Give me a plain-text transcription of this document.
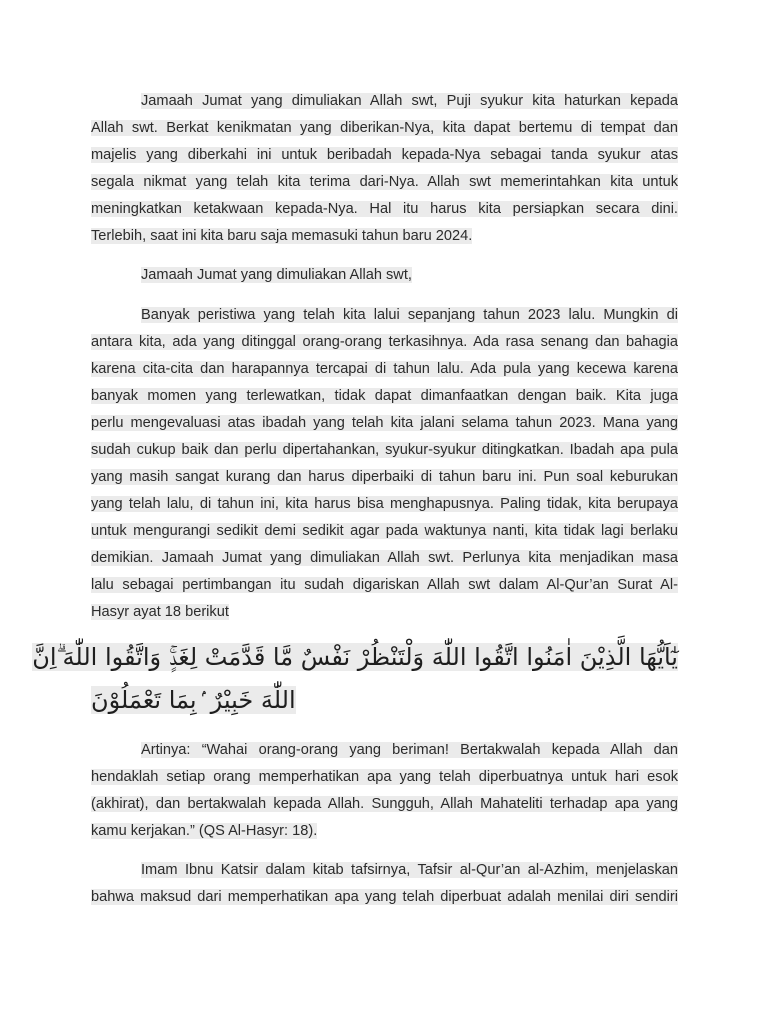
Jamaah Jumat yang dimuliakan Allah swt, Puji syukur kita haturkan kepada
Allah swt. Berkat kenikmatan yang diberikan-Nya, kita dapat bertemu di tempat dan
majelis yang diberkahi ini untuk beribadah kepada-Nya sebagai tanda syukur atas
segala nikmat yang telah kita terima dari-Nya. Allah swt memerintahkan kita untuk
meningkatkan ketakwaan kepada-Nya. Hal itu harus kita persiapkan secara dini.
Terlebih, saat ini kita baru saja memasuki tahun baru 2024.
Jamaah Jumat yang dimuliakan Allah swt,
Banyak peristiwa yang telah kita lalui sepanjang tahun 2023 lalu. Mungkin di
antara kita, ada yang ditinggal orang-orang terkasihnya. Ada rasa senang dan bahagia
karena cita-cita dan harapannya tercapai di tahun lalu. Ada pula yang kecewa karena
banyak momen yang terlewatkan, tidak dapat dimanfaatkan dengan baik. Kita juga
perlu mengevaluasi atas ibadah yang telah kita jalani selama tahun 2023. Mana yang
sudah cukup baik dan perlu dipertahankan, syukur-syukur ditingkatkan. Ibadah apa pula
yang masih sangat kurang dan harus diperbaiki di tahun baru ini. Pun soal keburukan
yang telah lalu, di tahun ini, kita harus bisa menghapusnya. Paling tidak, kita berupaya
untuk mengurangi sedikit demi sedikit agar pada waktunya nanti, kita tidak lagi berlaku
demikian. Jamaah Jumat yang dimuliakan Allah swt. Perlunya kita menjadikan masa
lalu sebagai pertimbangan itu sudah digariskan Allah swt dalam Al-Qur’an Surat Al-
Hasyr ayat 18 berikut
يٰٓاَيُّهَا الَّذِيْنَ اٰمَنُوا اتَّقُوا اللّٰهَ وَلْتَنْظُرْ نَفْسٌ مَّا قَدَّمَتْ لِغَدٍۚ وَاتَّقُوا اللّٰهَ ۗاِنَّ
اللّٰهَ خَبِيْرٌ ۢبِمَا تَعْمَلُوْنَ
Artinya: “Wahai orang-orang yang beriman! Bertakwalah kepada Allah dan
hendaklah setiap orang memperhatikan apa yang telah diperbuatnya untuk hari esok
(akhirat), dan bertakwalah kepada Allah. Sungguh, Allah Mahateliti terhadap apa yang
kamu kerjakan.” (QS Al-Hasyr: 18).
Imam Ibnu Katsir dalam kitab tafsirnya, Tafsir al-Qur’an al-Azhim, menjelaskan
bahwa maksud dari memperhatikan apa yang telah diperbuat adalah menilai diri sendiri
